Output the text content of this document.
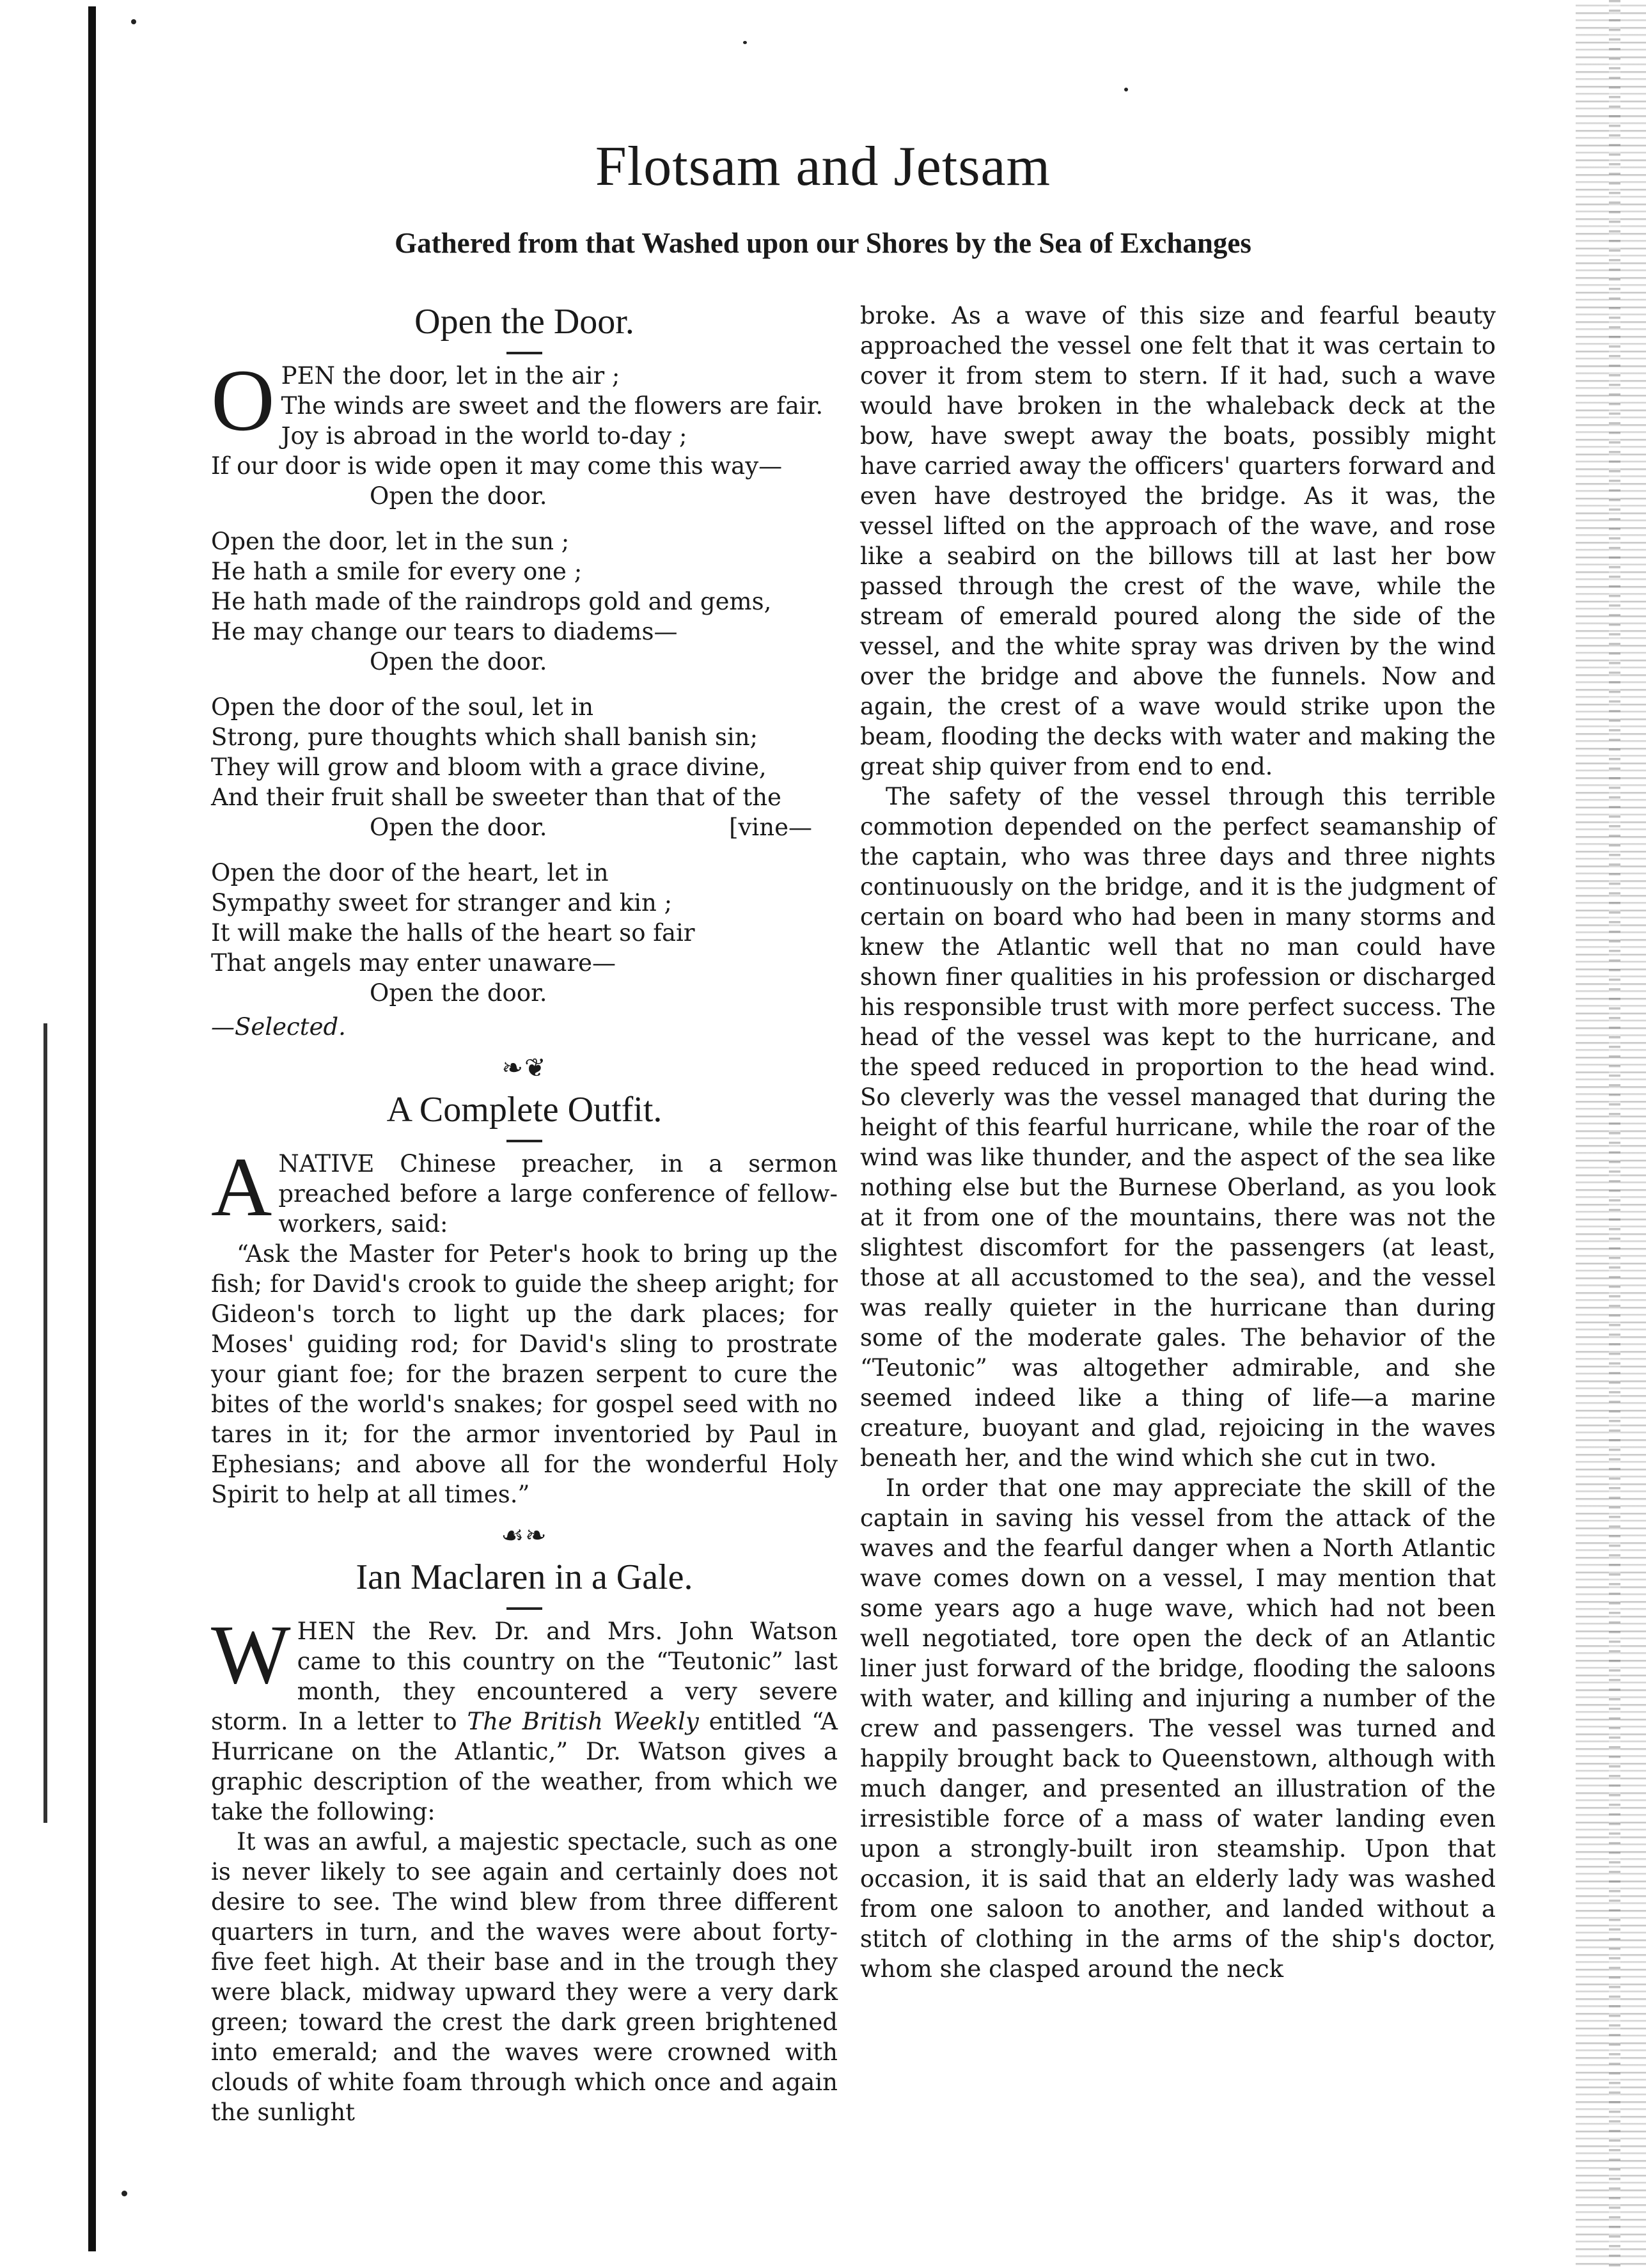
Flotsam and Jetsam
Gathered from that Washed upon our Shores by the Sea of Exchanges
Open the Door.
O PEN the door, let in the air ;
The winds are sweet and the flowers are fair.
Joy is abroad in the world to-day ;
If our door is wide open it may come this way—
Open the door.
Open the door, let in the sun ;
He hath a smile for every one ;
He hath made of the raindrops gold and gems,
He may change our tears to diadems—
Open the door.
Open the door of the soul, let in
Strong, pure thoughts which shall banish sin;
They will grow and bloom with a grace divine,
And their fruit shall be sweeter than that of the
Open the door.	[vine—
Open the door of the heart, let in
Sympathy sweet for stranger and kin ;
It will make the halls of the heart so fair
That angels may enter unaware—
Open the door.

—Selected.

❧❦
A Complete Outfit.

A NATIVE Chinese preacher, in a sermon preached before a large conference of fellow-workers, said:

“Ask the Master for Peter's hook to bring up the fish; for David's crook to guide the sheep aright; for Gideon's torch to light up the dark places; for Moses' guiding rod; for David's sling to prostrate your giant foe; for the brazen serpent to cure the bites of the world's snakes; for gospel seed with no tares in it; for the armor inventoried by Paul in Ephesians; and above all for the wonderful Holy Spirit to help at all times.”

☙❧
Ian Maclaren in a Gale.

W HEN the Rev. Dr. and Mrs. John Watson came to this country on the “Teutonic” last month, they encountered a very severe storm. In a letter to The British Weekly entitled “A Hurricane on the Atlantic,” Dr. Watson gives a graphic description of the weather, from which we take the following:

It was an awful, a majestic spectacle, such as one is never likely to see again and certainly does not desire to see. The wind blew from three different quarters in turn, and the waves were about forty-five feet high. At their base and in the trough they were black, midway upward they were a very dark green; toward the crest the dark green brightened into emerald; and the waves were crowned with clouds of white foam through which once and again the sunlight

broke. As a wave of this size and fearful beauty approached the vessel one felt that it was certain to cover it from stem to stern. If it had, such a wave would have broken in the whaleback deck at the bow, have swept away the boats, possibly might have carried away the officers' quarters forward and even have destroyed the bridge. As it was, the vessel lifted on the approach of the wave, and rose like a seabird on the billows till at last her bow passed through the crest of the wave, while the stream of emerald poured along the side of the vessel, and the white spray was driven by the wind over the bridge and above the funnels. Now and again, the crest of a wave would strike upon the beam, flooding the decks with water and making the great ship quiver from end to end.

The safety of the vessel through this terrible commotion depended on the perfect seamanship of the captain, who was three days and three nights continuously on the bridge, and it is the judgment of certain on board who had been in many storms and knew the Atlantic well that no man could have shown finer qualities in his profession or discharged his responsible trust with more perfect success. The head of the vessel was kept to the hurricane, and the speed reduced in proportion to the head wind. So cleverly was the vessel managed that during the height of this fearful hurricane, while the roar of the wind was like thunder, and the aspect of the sea like nothing else but the Burnese Oberland, as you look at it from one of the mountains, there was not the slightest discomfort for the passengers (at least, those at all accustomed to the sea), and the vessel was really quieter in the hurricane than during some of the moderate gales. The behavior of the “Teutonic” was altogether admirable, and she seemed indeed like a thing of life—a marine creature, buoyant and glad, rejoicing in the waves beneath her, and the wind which she cut in two.

In order that one may appreciate the skill of the captain in saving his vessel from the attack of the waves and the fearful danger when a North Atlantic wave comes down on a vessel, I may mention that some years ago a huge wave, which had not been well negotiated, tore open the deck of an Atlantic liner just forward of the bridge, flooding the saloons with water, and killing and injuring a number of the crew and passengers. The vessel was turned and happily brought back to Queenstown, although with much danger, and presented an illustration of the irresistible force of a mass of water landing even upon a strongly-built iron steamship. Upon that occasion, it is said that an elderly lady was washed from one saloon to another, and landed without a stitch of clothing in the arms of the ship's doctor, whom she clasped around the neck
